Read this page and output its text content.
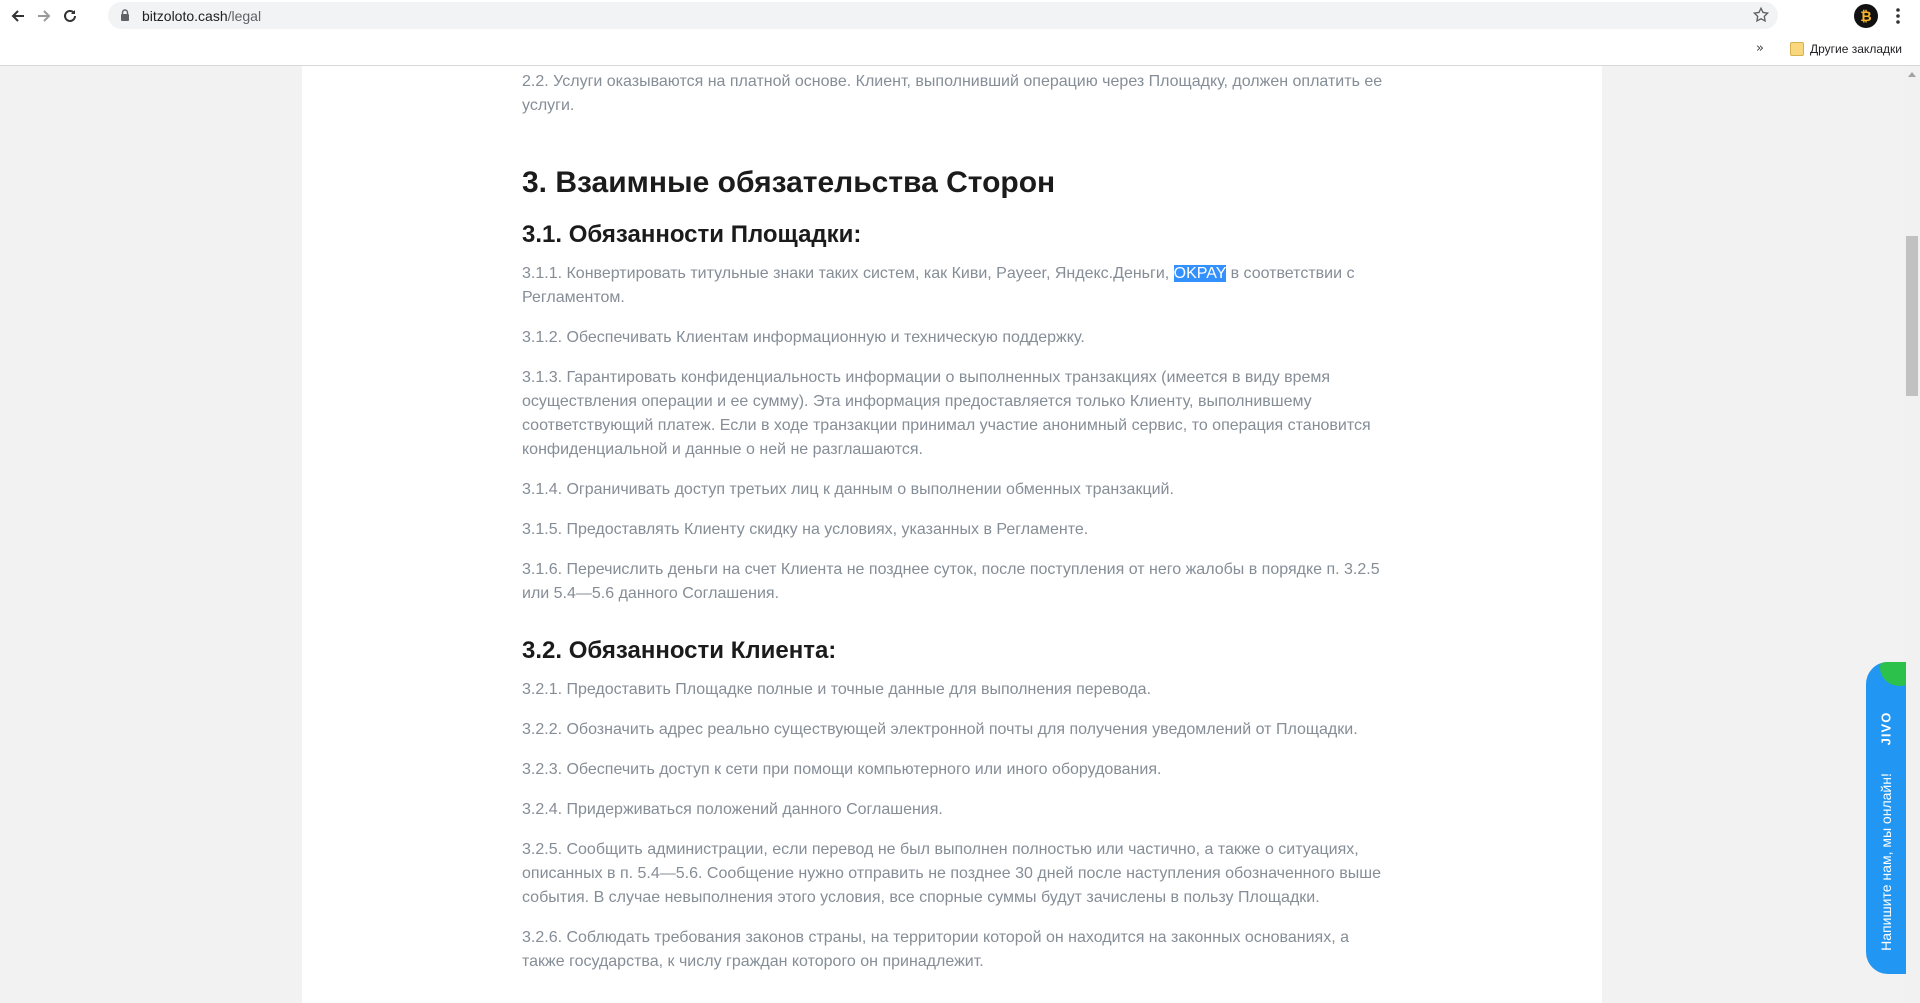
bitzoloto.cash/legal	₿
»	Другие закладки

2.2. Услуги оказываются на платной основе. Клиент, выполнивший операцию через Площадку, должен оплатить ее услуги.

3. Взаимные обязательства Сторон
3.1. Обязанности Площадки:

3.1.1. Конвертировать титульные знаки таких систем, как Киви, Payeer, Яндекс.Деньги, OKPAY в соответствии с Регламентом.

3.1.2. Обеспечивать Клиентам информационную и техническую поддержку.

3.1.3. Гарантировать конфиденциальность информации о выполненных транзакциях (имеется в виду время осуществления операции и ее сумму). Эта информация предоставляется только Клиенту, выполнившему соответствующий платеж. Если в ходе транзакции принимал участие анонимный сервис, то операция становится конфиденциальной и данные о ней не разглашаются.

3.1.4. Ограничивать доступ третьих лиц к данным о выполнении обменных транзакций.

3.1.5. Предоставлять Клиенту скидку на условиях, указанных в Регламенте.

3.1.6. Перечислить деньги на счет Клиента не позднее суток, после поступления от него жалобы в порядке п. 3.2.5 или 5.4—5.6 данного Соглашения.

3.2. Обязанности Клиента:

3.2.1. Предоставить Площадке полные и точные данные для выполнения перевода.

3.2.2. Обозначить адрес реально существующей электронной почты для получения уведомлений от Площадки.

3.2.3. Обеспечить доступ к сети при помощи компьютерного или иного оборудования.

3.2.4. Придерживаться положений данного Соглашения.

3.2.5. Сообщить администрации, если перевод не был выполнен полностью или частично, а также о ситуациях, описанных в п. 5.4—5.6. Сообщение нужно отправить не позднее 30 дней после наступления обозначенного выше события. В случае невыполнения этого условия, все спорные суммы будут зачислены в пользу Площадки.

3.2.6. Соблюдать требования законов страны, на территории которой он находится на законных основаниях, а также государства, к числу граждан которого он принадлежит.

JIVO
Напишите нам, мы онлайн!
